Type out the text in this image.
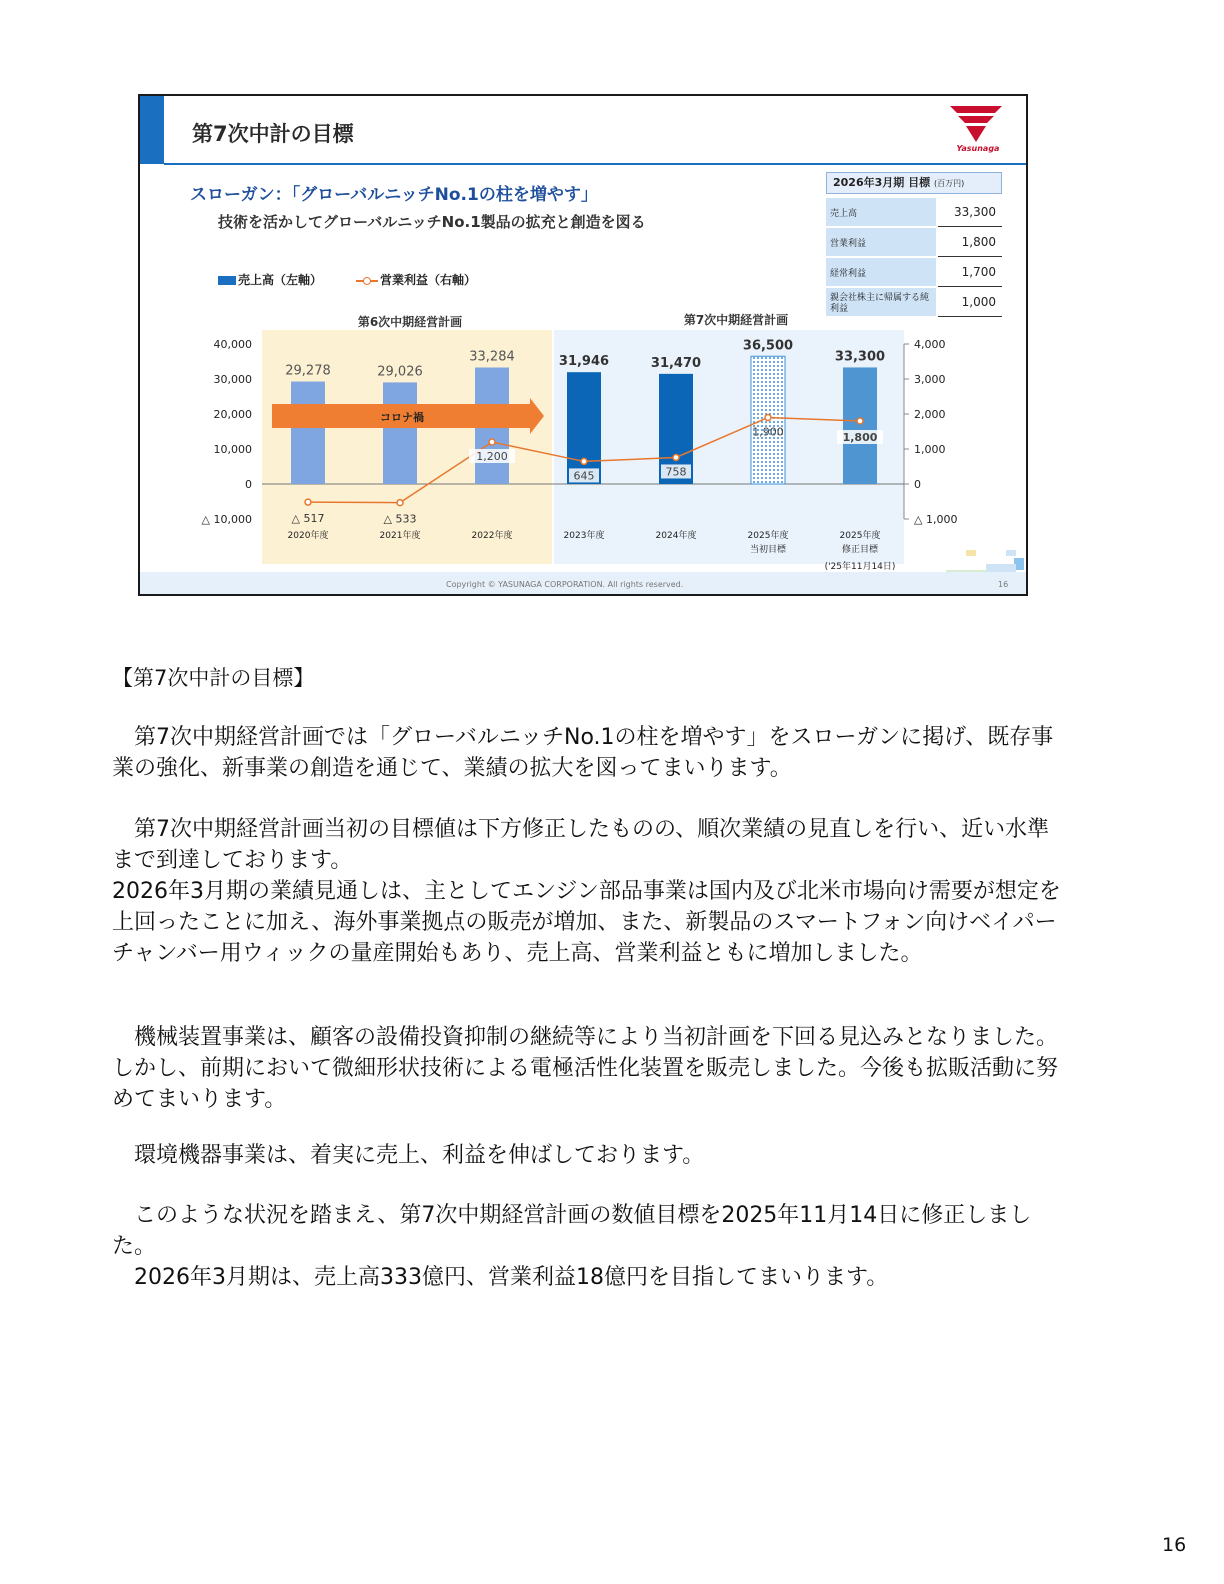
第7次中計の目標
Yasunaga
スローガン：「グローバルニッチNo.1の柱を増やす」
技術を活かしてグローバルニッチNo.1製品の拡充と創造を図る
売上高（左軸）	営業利益（右軸）
2026年3月期 目標 (百万円)
売上高	33,300
営業利益	1,800
経常利益	1,700
親会社株主に帰属する純利益	1,000
第6次中期経営計画	第7次中期経営計画
40,000
30,000
20,000
10,000
0
△ 10,000
4,000
3,000
2,000
1,000
0
△ 1,000
29,278	29,026
33,284	31,946	31,470
36,500
33,300
コロナ禍
△ 517	△ 533
1,200
645	758
1,900	1,800
2020年度	2021年度	2022年度	2023年度	2024年度	2025年度
当初目標
2025年度
修正目標
('25年11月14日)
Copyright © YASUNAGA CORPORATION. All rights reserved.	16
【第7次中計の目標】
　第7次中期経営計画では「グローバルニッチNo.1の柱を増やす」をスローガンに掲げ、既存事業の強化、新事業の創造を通じて、業績の拡大を図ってまいります。
　第7次中期経営計画当初の目標値は下方修正したものの、順次業績の見直しを行い、近い水準まで到達しております。
2026年3月期の業績見通しは、主としてエンジン部品事業は国内及び北米市場向け需要が想定を上回ったことに加え、海外事業拠点の販売が増加、また、新製品のスマートフォン向けベイパーチャンバー用ウィックの量産開始もあり、売上高、営業利益ともに増加しました。
　機械装置事業は、顧客の設備投資抑制の継続等により当初計画を下回る見込みとなりました。しかし、前期において微細形状技術による電極活性化装置を販売しました。今後も拡販活動に努めてまいります。
　環境機器事業は、着実に売上、利益を伸ばしております。
　このような状況を踏まえ、第7次中期経営計画の数値目標を2025年11月14日に修正しました。
　2026年3月期は、売上高333億円、営業利益18億円を目指してまいります。
16
